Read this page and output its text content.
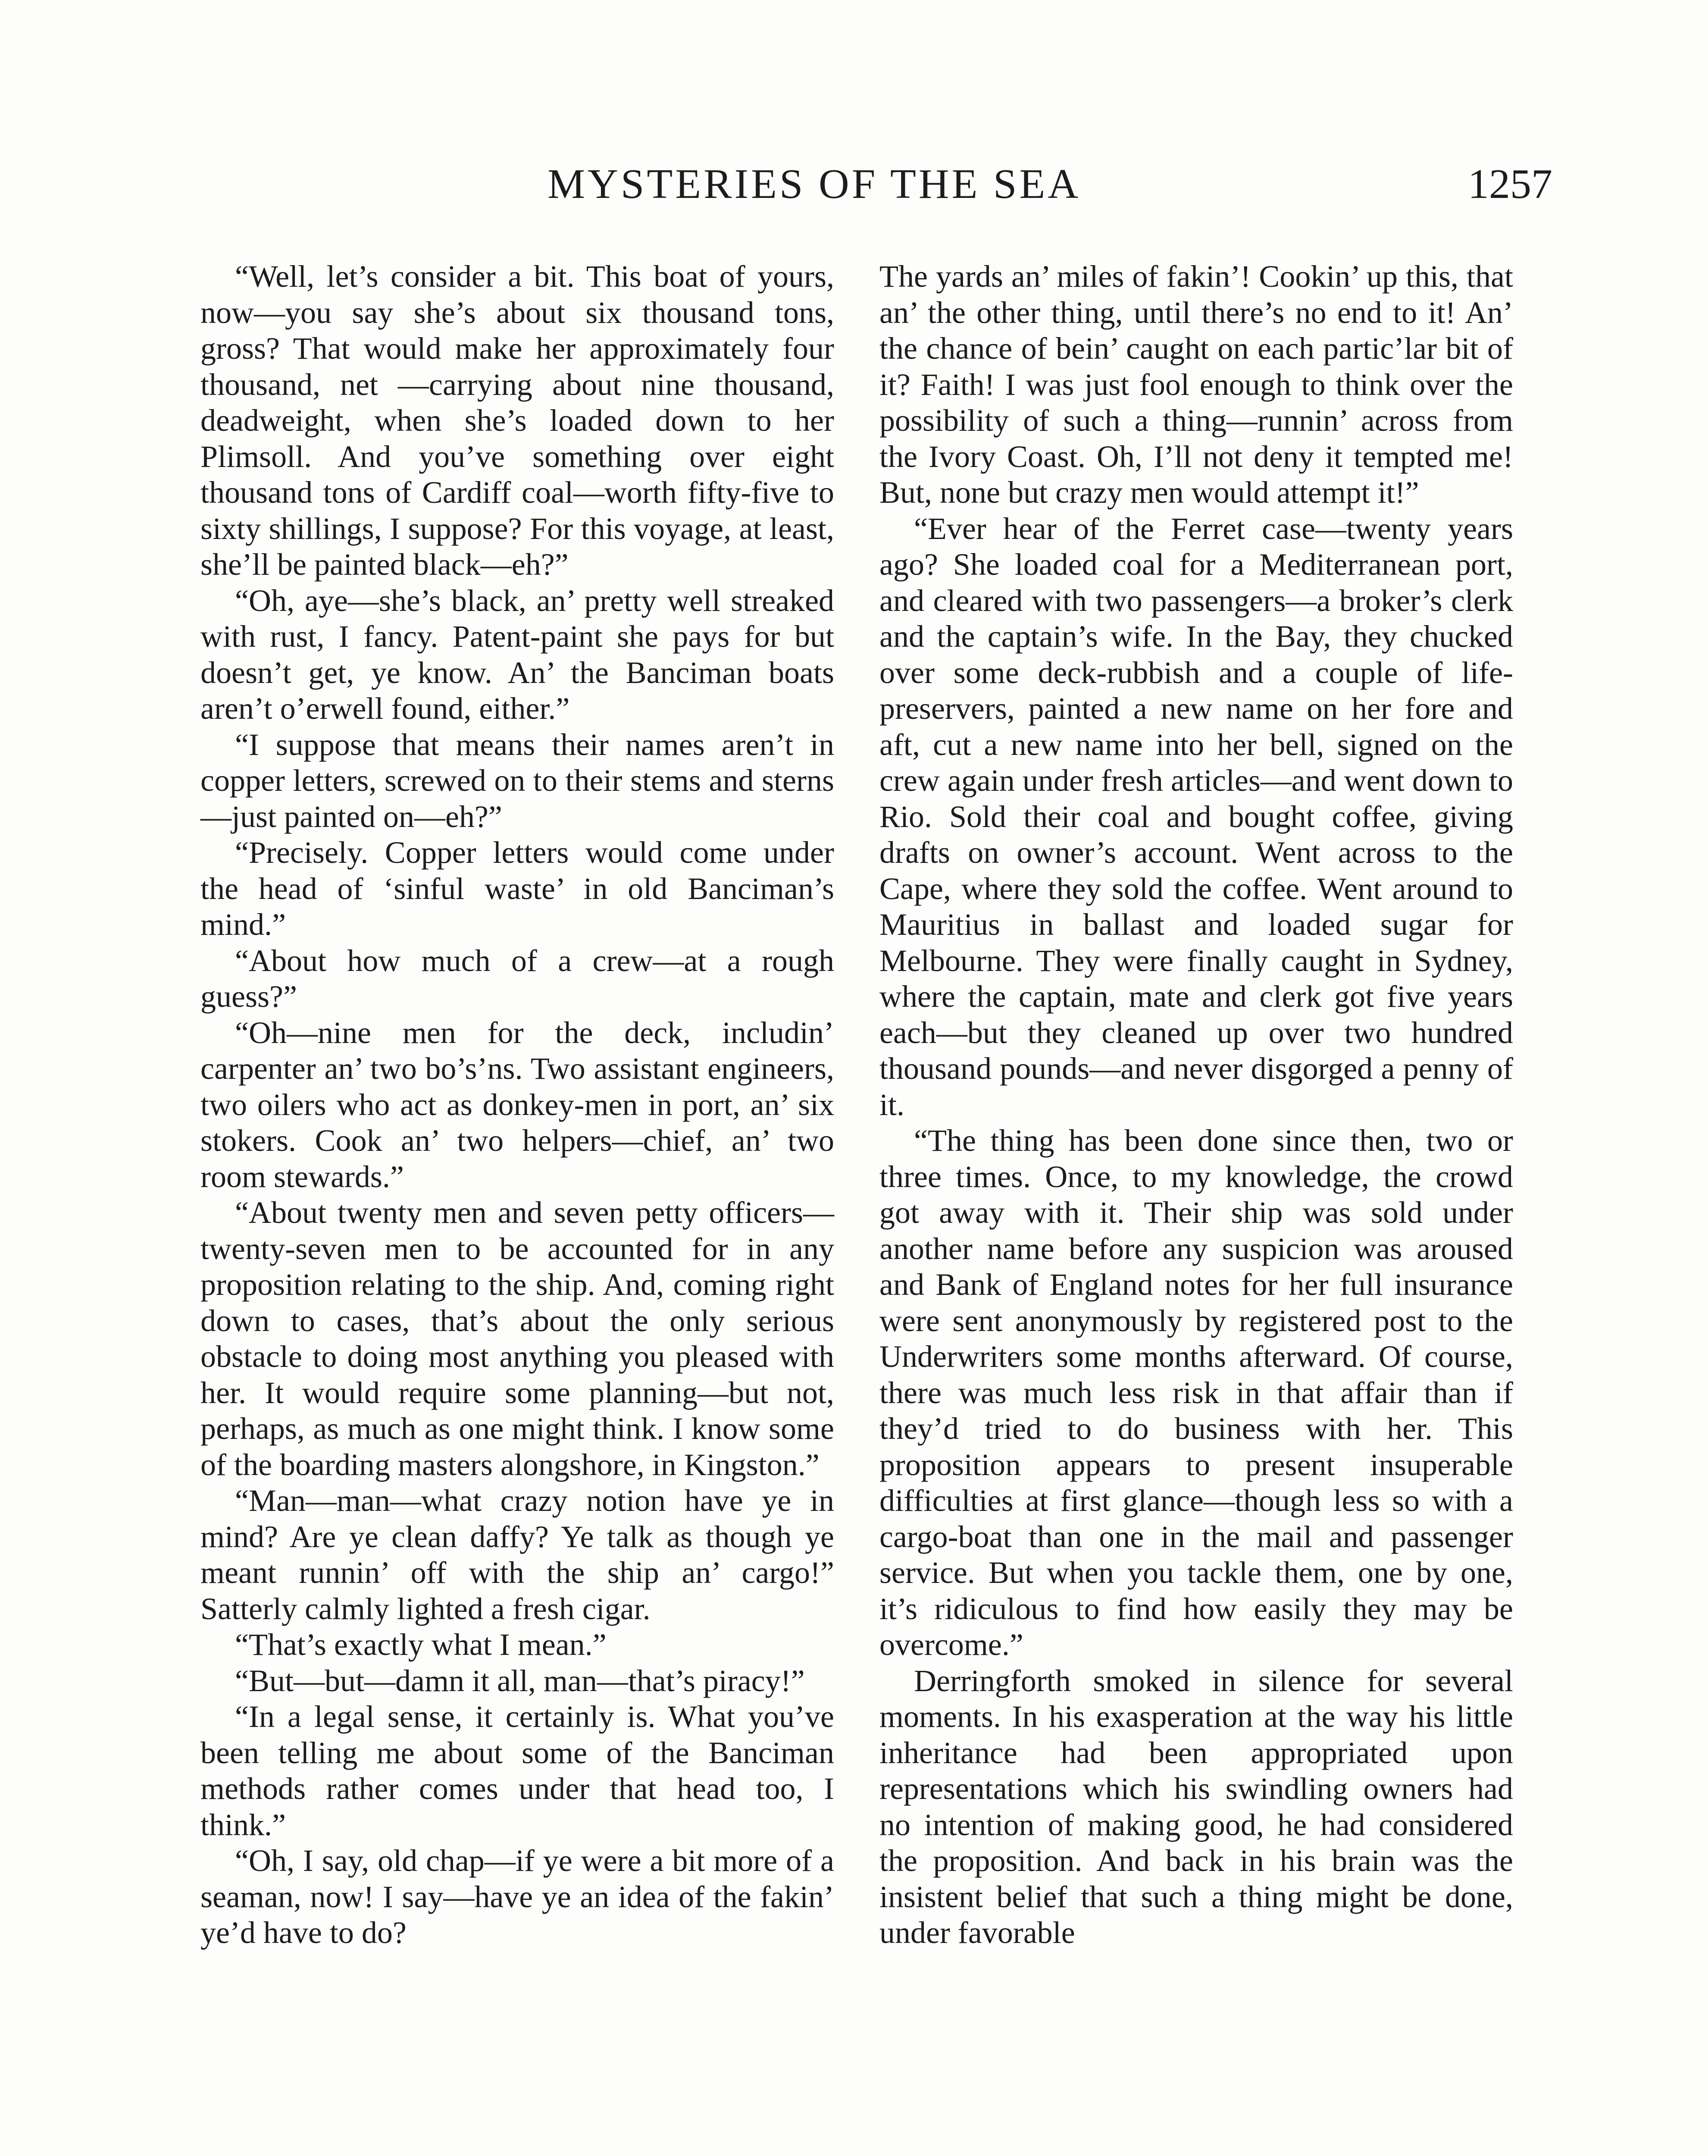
MYSTERIES OF THE SEA	1257

“Well, let’s consider a bit. This boat of yours, now—you say she’s about six thousand tons, gross? That would make her approximately four thousand, net —carrying about nine thousand, deadweight, when she’s loaded down to her Plimsoll. And you’ve something over eight thousand tons of Cardiff coal—worth fifty-five to sixty shillings, I suppose? For this voyage, at least, she’ll be painted black—eh?”

“Oh, aye—she’s black, an’ pretty well streaked with rust, I fancy. Patent-paint she pays for but doesn’t get, ye know. An’ the Banciman boats aren’t o’erwell found, either.”

“I suppose that means their names aren’t in copper letters, screwed on to their stems and sterns—just painted on—eh?”

“Precisely. Copper letters would come under the head of ‘sinful waste’ in old Banciman’s mind.”

“About how much of a crew—at a rough guess?”

“Oh—nine men for the deck, includin’ carpenter an’ two bo’s’ns. Two assistant engineers, two oilers who act as donkey-men in port, an’ six stokers. Cook an’ two helpers—chief, an’ two room stewards.”

“About twenty men and seven petty officers—twenty-seven men to be accounted for in any proposition relating to the ship. And, coming right down to cases, that’s about the only serious obstacle to doing most anything you pleased with her. It would require some planning—but not, perhaps, as much as one might think. I know some of the boarding masters alongshore, in Kingston.”

“Man—man—what crazy notion have ye in mind? Are ye clean daffy? Ye talk as though ye meant runnin’ off with the ship an’ cargo!” Satterly calmly lighted a fresh cigar.

“That’s exactly what I mean.”

“But—but—damn it all, man—that’s piracy!”

“In a legal sense, it certainly is. What you’ve been telling me about some of the Banciman methods rather comes under that head too, I think.”

“Oh, I say, old chap—if ye were a bit more of a seaman, now! I say—have ye an idea of the fakin’ ye’d have to do?

The yards an’ miles of fakin’! Cookin’ up this, that an’ the other thing, until there’s no end to it! An’ the chance of bein’ caught on each partic’lar bit of it? Faith! I was just fool enough to think over the possibility of such a thing—runnin’ across from the Ivory Coast. Oh, I’ll not deny it tempted me! But, none but crazy men would attempt it!”

“Ever hear of the Ferret case—twenty years ago? She loaded coal for a Mediterranean port, and cleared with two passengers—a broker’s clerk and the captain’s wife. In the Bay, they chucked over some deck-rubbish and a couple of life-preservers, painted a new name on her fore and aft, cut a new name into her bell, signed on the crew again under fresh articles—and went down to Rio. Sold their coal and bought coffee, giving drafts on owner’s account. Went across to the Cape, where they sold the coffee. Went around to Mauritius in ballast and loaded sugar for Melbourne. They were finally caught in Sydney, where the captain, mate and clerk got five years each—but they cleaned up over two hundred thousand pounds—and never disgorged a penny of it.

“The thing has been done since then, two or three times. Once, to my knowledge, the crowd got away with it. Their ship was sold under another name before any suspicion was aroused and Bank of England notes for her full insurance were sent anonymously by registered post to the Underwriters some months afterward. Of course, there was much less risk in that affair than if they’d tried to do business with her. This proposition appears to present insuperable difficulties at first glance—though less so with a cargo-boat than one in the mail and passenger service. But when you tackle them, one by one, it’s ridiculous to find how easily they may be overcome.”

Derringforth smoked in silence for several moments. In his exasperation at the way his little inheritance had been appropriated upon representations which his swindling owners had no intention of making good, he had considered the proposition. And back in his brain was the insistent belief that such a thing might be done, under favorable
